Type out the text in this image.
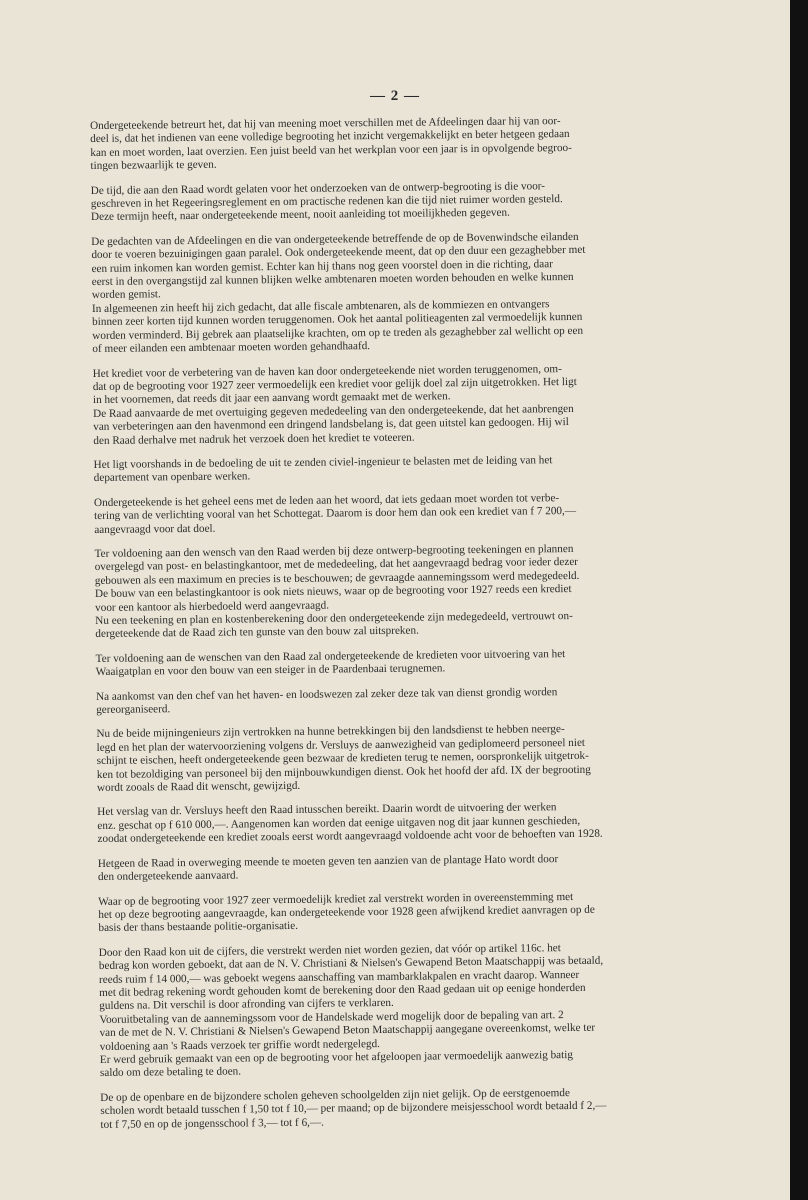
— 2 —
Ondergeteekende betreurt het, dat hij van meening moet verschillen met de Afdeelingen daar hij van oor-
deel is, dat het indienen van eene volledige begrooting het inzicht vergemakkelijkt en beter hetgeen gedaan
kan en moet worden, laat overzien. Een juist beeld van het werkplan voor een jaar is in opvolgende begroo-
tingen bezwaarlijk te geven.
De tijd, die aan den Raad wordt gelaten voor het onderzoeken van de ontwerp-begrooting is die voor-
geschreven in het Regeeringsreglement en om practische redenen kan die tijd niet ruimer worden gesteld.
Deze termijn heeft, naar ondergeteekende meent, nooit aanleiding tot moeilijkheden gegeven.
De gedachten van de Afdeelingen en die van ondergeteekende betreffende de op de Bovenwindsche eilanden
door te voeren bezuinigingen gaan paralel. Ook ondergeteekende meent, dat op den duur een gezaghebber met
een ruim inkomen kan worden gemist. Echter kan hij thans nog geen voorstel doen in die richting, daar
eerst in den overgangstijd zal kunnen blijken welke ambtenaren moeten worden behouden en welke kunnen
worden gemist.
In algemeenen zin heeft hij zich gedacht, dat alle fiscale ambtenaren, als de kommiezen en ontvangers
binnen zeer korten tijd kunnen worden teruggenomen. Ook het aantal politieagenten zal vermoedelijk kunnen
worden verminderd. Bij gebrek aan plaatselijke krachten, om op te treden als gezaghebber zal wellicht op een
of meer eilanden een ambtenaar moeten worden gehandhaafd.
Het krediet voor de verbetering van de haven kan door ondergeteekende niet worden teruggenomen, om-
dat op de begrooting voor 1927 zeer vermoedelijk een krediet voor gelijk doel zal zijn uitgetrokken. Het ligt
in het voornemen, dat reeds dit jaar een aanvang wordt gemaakt met de werken.
De Raad aanvaarde de met overtuiging gegeven mededeeling van den ondergeteekende, dat het aanbrengen
van verbeteringen aan den havenmond een dringend landsbelang is, dat geen uitstel kan gedoogen. Hij wil
den Raad derhalve met nadruk het verzoek doen het krediet te voteeren.
Het ligt voorshands in de bedoeling de uit te zenden civiel-ingenieur te belasten met de leiding van het
departement van openbare werken.
Ondergeteekende is het geheel eens met de leden aan het woord, dat iets gedaan moet worden tot verbe-
tering van de verlichting vooral van het Schottegat. Daarom is door hem dan ook een krediet van f 7 200,—
aangevraagd voor dat doel.
Ter voldoening aan den wensch van den Raad werden bij deze ontwerp-begrooting teekeningen en plannen
overgelegd van post- en belastingkantoor, met de mededeeling, dat het aangevraagd bedrag voor ieder dezer
gebouwen als een maximum en precies is te beschouwen; de gevraagde aannemingssom werd medegedeeld.
De bouw van een belastingkantoor is ook niets nieuws, waar op de begrooting voor 1927 reeds een krediet
voor een kantoor als hierbedoeld werd aangevraagd.
Nu een teekening en plan en kostenberekening door den ondergeteekende zijn medegedeeld, vertrouwt on-
dergeteekende dat de Raad zich ten gunste van den bouw zal uitspreken.
Ter voldoening aan de wenschen van den Raad zal ondergeteekende de kredieten voor uitvoering van het
Waaigatplan en voor den bouw van een steiger in de Paardenbaai terugnemen.
Na aankomst van den chef van het haven- en loodswezen zal zeker deze tak van dienst grondig worden
gereorganiseerd.
Nu de beide mijningenieurs zijn vertrokken na hunne betrekkingen bij den landsdienst te hebben neerge-
legd en het plan der watervoorziening volgens dr. Versluys de aanwezigheid van gediplomeerd personeel niet
schijnt te eischen, heeft ondergeteekende geen bezwaar de kredieten terug te nemen, oorspronkelijk uitgetrok-
ken tot bezoldiging van personeel bij den mijnbouwkundigen dienst. Ook het hoofd der afd. IX der begrooting
wordt zooals de Raad dit wenscht, gewijzigd.
Het verslag van dr. Versluys heeft den Raad intusschen bereikt. Daarin wordt de uitvoering der werken
enz. geschat op f 610 000,—. Aangenomen kan worden dat eenige uitgaven nog dit jaar kunnen geschieden,
zoodat ondergeteekende een krediet zooals eerst wordt aangevraagd voldoende acht voor de behoeften van 1928.
Hetgeen de Raad in overweging meende te moeten geven ten aanzien van de plantage Hato wordt door
den ondergeteekende aanvaard.
Waar op de begrooting voor 1927 zeer vermoedelijk krediet zal verstrekt worden in overeenstemming met
het op deze begrooting aangevraagde, kan ondergeteekende voor 1928 geen afwijkend krediet aanvragen op de
basis der thans bestaande politie-organisatie.
Door den Raad kon uit de cijfers, die verstrekt werden niet worden gezien, dat vóór op artikel 116c. het
bedrag kon worden geboekt, dat aan de N. V. Christiani & Nielsen's Gewapend Beton Maatschappij was betaald,
reeds ruim f 14 000,— was geboekt wegens aanschaffing van mambarklakpalen en vracht daarop. Wanneer
met dit bedrag rekening wordt gehouden komt de berekening door den Raad gedaan uit op eenige honderden
guldens na. Dit verschil is door afronding van cijfers te verklaren.
Vooruitbetaling van de aannemingssom voor de Handelskade werd mogelijk door de bepaling van art. 2
van de met de N. V. Christiani & Nielsen's Gewapend Beton Maatschappij aangegane overeenkomst, welke ter
voldoening aan 's Raads verzoek ter griffie wordt nedergelegd.
Er werd gebruik gemaakt van een op de begrooting voor het afgeloopen jaar vermoedelijk aanwezig batig
saldo om deze betaling te doen.
De op de openbare en de bijzondere scholen geheven schoolgelden zijn niet gelijk. Op de eerstgenoemde
scholen wordt betaald tusschen f 1,50 tot f 10,— per maand; op de bijzondere meisjesschool wordt betaald f 2,—
tot f 7,50 en op de jongensschool f 3,— tot f 6,—.
